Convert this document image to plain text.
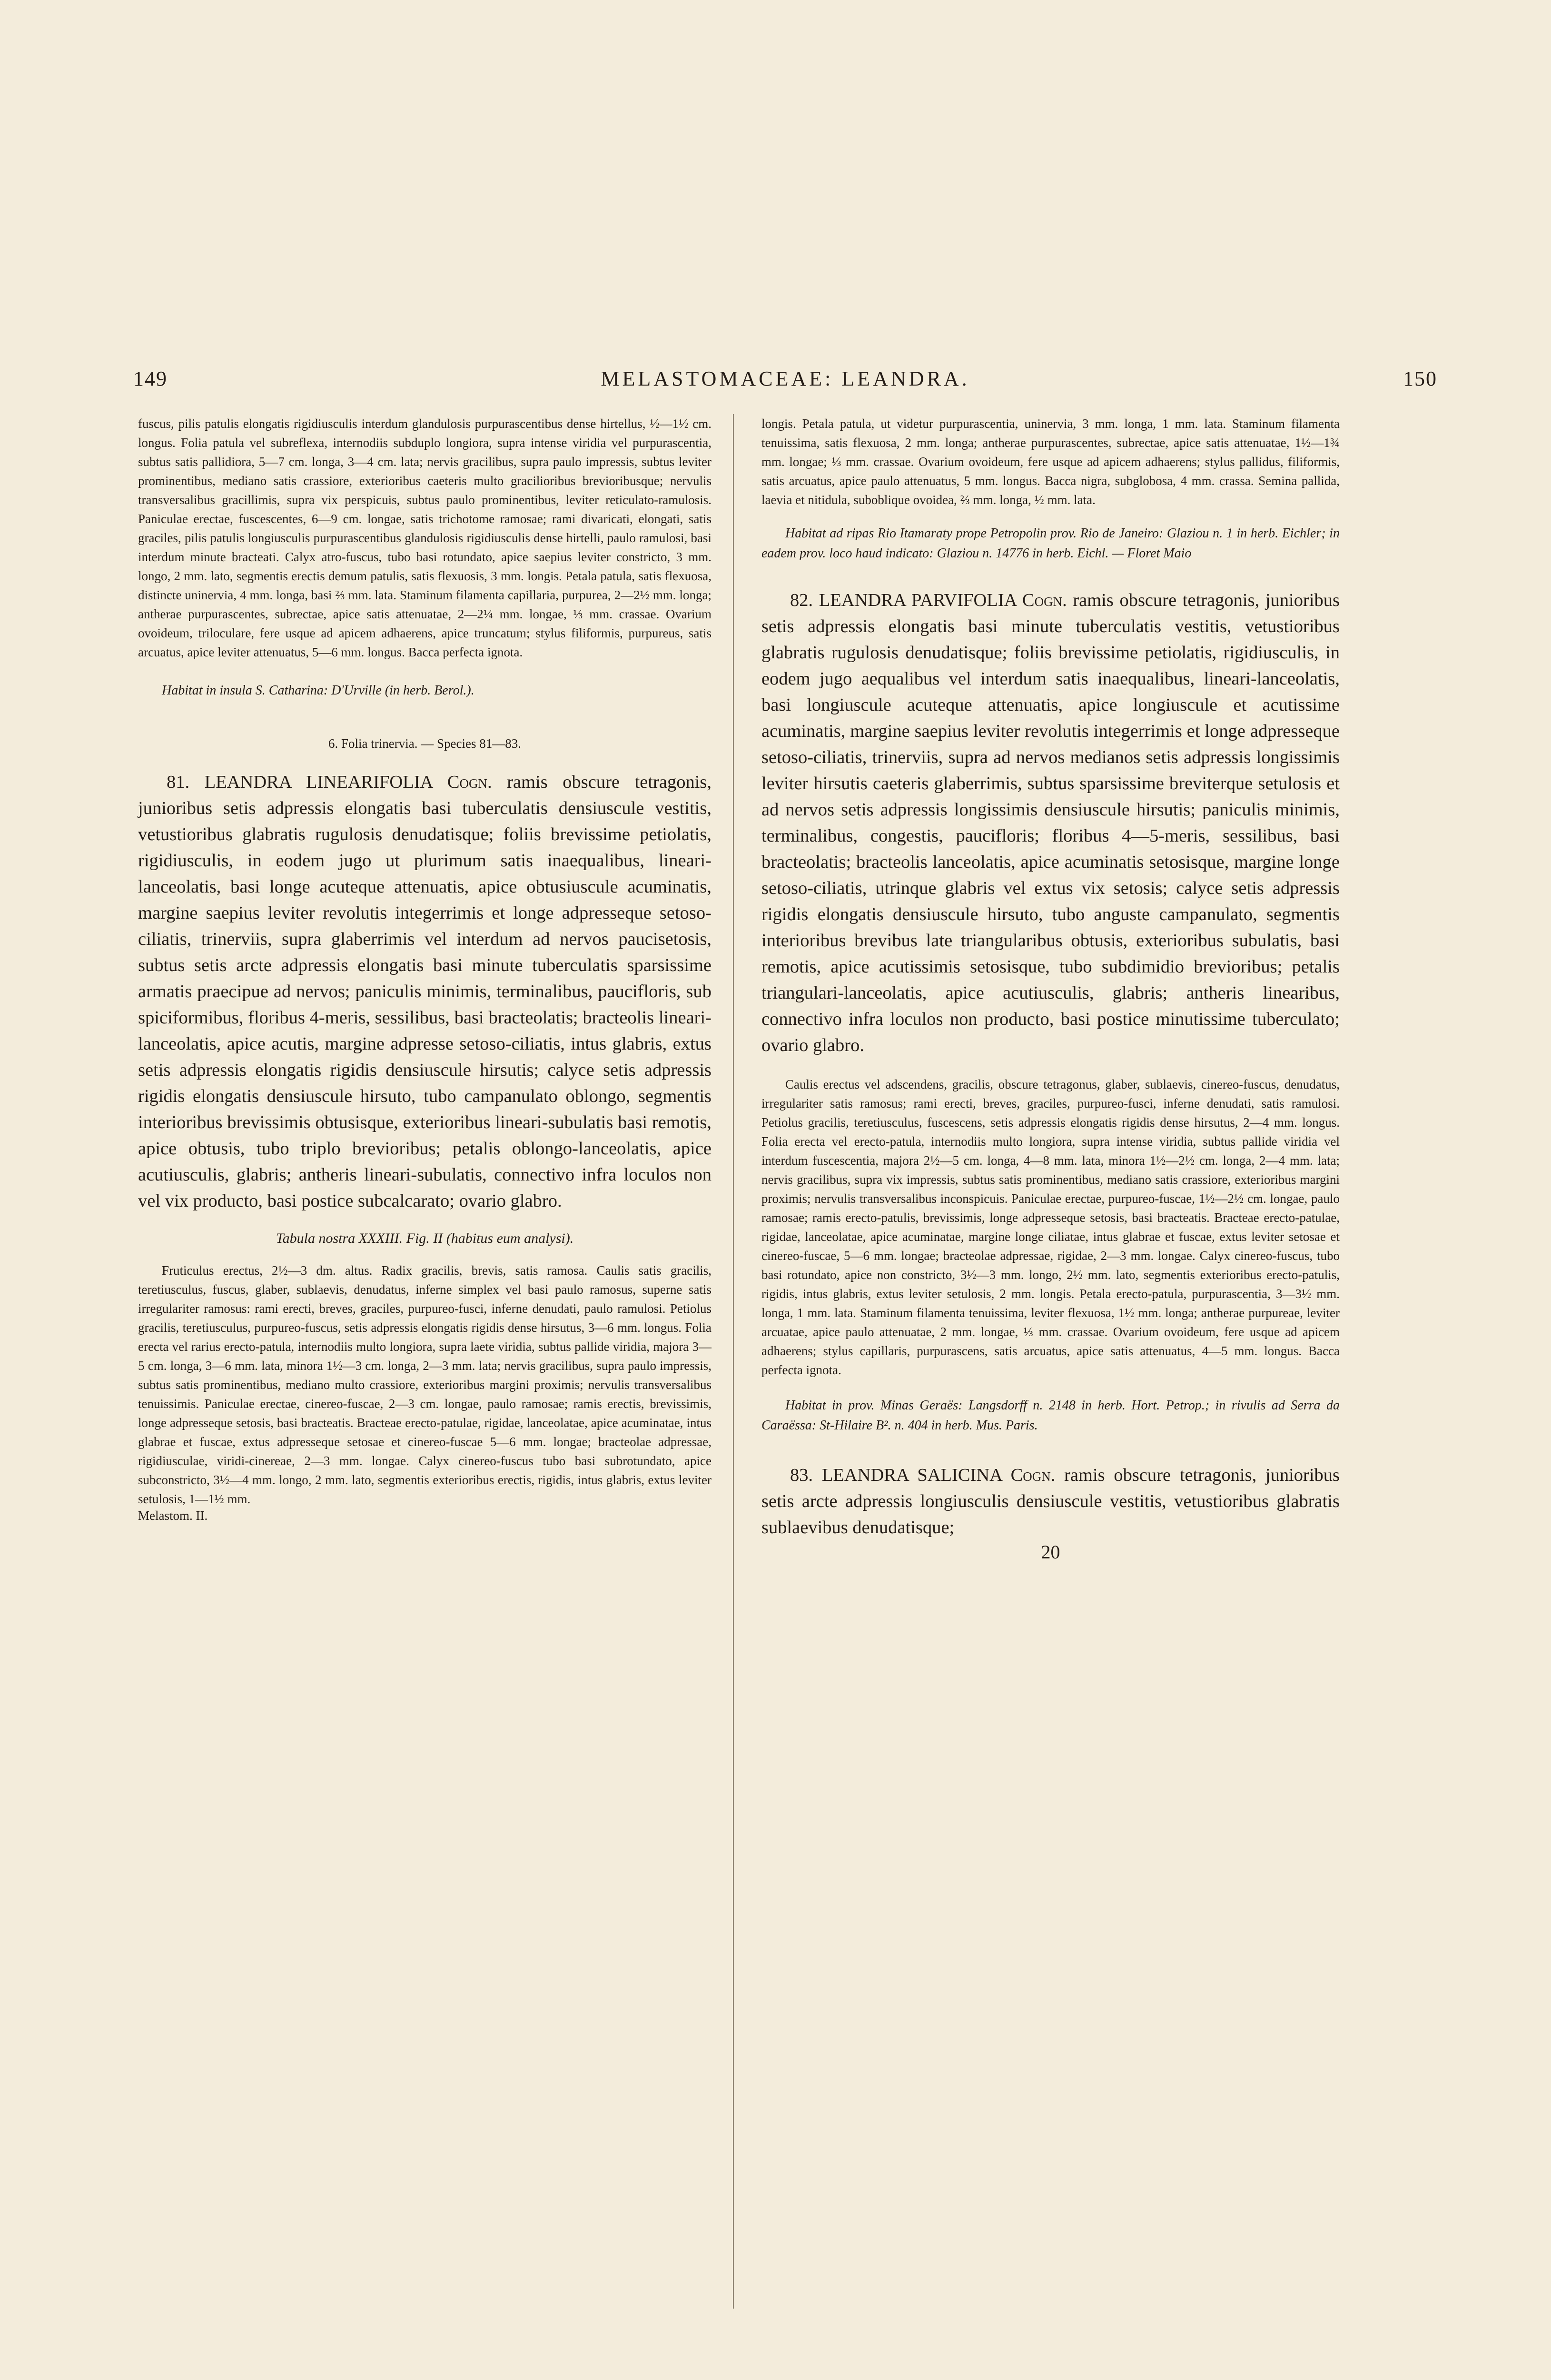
149	MELASTOMACEAE: LEANDRA.	150

fuscus, pilis patulis elongatis rigidiusculis interdum glandulosis purpurascentibus dense hirtellus, ½—1½ cm. longus. Folia patula vel subreflexa, internodiis subduplo longiora, supra intense viridia vel purpurascentia, subtus satis pallidiora, 5—7 cm. longa, 3—4 cm. lata; nervis gracilibus, supra paulo impressis, subtus leviter prominentibus, mediano satis crassiore, exterioribus caeteris multo gracilioribus brevioribusque; nervulis transversalibus gracillimis, supra vix perspicuis, subtus paulo prominentibus, leviter reticulato-ramulosis. Paniculae erectae, fuscescentes, 6—9 cm. longae, satis trichotome ramosae; rami divaricati, elongati, satis graciles, pilis patulis longiusculis purpurascentibus glandulosis rigidiusculis dense hirtelli, paulo ramulosi, basi interdum minute bracteati. Calyx atro-fuscus, tubo basi rotundato, apice saepius leviter constricto, 3 mm. longo, 2 mm. lato, segmentis erectis demum patulis, satis flexuosis, 3 mm. longis. Petala patula, satis flexuosa, distincte uninervia, 4 mm. longa, basi ⅔ mm. lata. Staminum filamenta capillaria, purpurea, 2—2½ mm. longa; antherae purpurascentes, subrectae, apice satis attenuatae, 2—2¼ mm. longae, ⅓ mm. crassae. Ovarium ovoideum, triloculare, fere usque ad apicem adhaerens, apice truncatum; stylus filiformis, purpureus, satis arcuatus, apice leviter attenuatus, 5—6 mm. longus. Bacca perfecta ignota.

Habitat in insula S. Catharina: D'Urville (in herb. Berol.).

6. Folia trinervia. — Species 81—83.

81. LEANDRA LINEARIFOLIA Cogn. ramis obscure tetragonis, junioribus setis adpressis elongatis basi tuberculatis densiuscule vestitis, vetustioribus glabratis rugulosis denudatisque; foliis brevissime petiolatis, rigidiusculis, in eodem jugo ut plurimum satis inaequalibus, lineari-lanceolatis, basi longe acuteque attenuatis, apice obtusiuscule acuminatis, margine saepius leviter revolutis integerrimis et longe adpresseque setoso-ciliatis, trinerviis, supra glaberrimis vel interdum ad nervos paucisetosis, subtus setis arcte adpressis elongatis basi minute tuberculatis sparsissime armatis praecipue ad nervos; paniculis minimis, terminalibus, paucifloris, sub spiciformibus, floribus 4-meris, sessilibus, basi bracteolatis; bracteolis lineari-lanceolatis, apice acutis, margine adpresse setoso-ciliatis, intus glabris, extus setis adpressis elongatis rigidis densiuscule hirsutis; calyce setis adpressis rigidis elongatis densiuscule hirsuto, tubo campanulato oblongo, segmentis interioribus brevissimis obtusisque, exterioribus lineari-subulatis basi remotis, apice obtusis, tubo triplo brevioribus; petalis oblongo-lanceolatis, apice acutiusculis, glabris; antheris lineari-subulatis, connectivo infra loculos non vel vix producto, basi postice subcalcarato; ovario glabro.

Tabula nostra XXXIII. Fig. II (habitus eum analysi).

Fruticulus erectus, 2½—3 dm. altus. Radix gracilis, brevis, satis ramosa. Caulis satis gracilis, teretiusculus, fuscus, glaber, sublaevis, denudatus, inferne simplex vel basi paulo ramosus, superne satis irregulariter ramosus: rami erecti, breves, graciles, purpureo-fusci, inferne denudati, paulo ramulosi. Petiolus gracilis, teretiusculus, purpureo-fuscus, setis adpressis elongatis rigidis dense hirsutus, 3—6 mm. longus. Folia erecta vel rarius erecto-patula, internodiis multo longiora, supra laete viridia, subtus pallide viridia, majora 3—5 cm. longa, 3—6 mm. lata, minora 1½—3 cm. longa, 2—3 mm. lata; nervis gracilibus, supra paulo impressis, subtus satis prominentibus, mediano multo crassiore, exterioribus margini proximis; nervulis transversalibus tenuissimis. Paniculae erectae, cinereo-fuscae, 2—3 cm. longae, paulo ramosae; ramis erectis, brevissimis, longe adpresseque setosis, basi bracteatis. Bracteae erecto-patulae, rigidae, lanceolatae, apice acuminatae, intus glabrae et fuscae, extus adpresseque setosae et cinereo-fuscae 5—6 mm. longae; bracteolae adpressae, rigidiusculae, viridi-cinereae, 2—3 mm. longae. Calyx cinereo-fuscus tubo basi subrotundato, apice subconstricto, 3½—4 mm. longo, 2 mm. lato, segmentis exterioribus erectis, rigidis, intus glabris, extus leviter setulosis, 1—1½ mm.

Melastom. II.

longis. Petala patula, ut videtur purpurascentia, uninervia, 3 mm. longa, 1 mm. lata. Staminum filamenta tenuissima, satis flexuosa, 2 mm. longa; antherae purpurascentes, subrectae, apice satis attenuatae, 1½—1¾ mm. longae; ⅓ mm. crassae. Ovarium ovoideum, fere usque ad apicem adhaerens; stylus pallidus, filiformis, satis arcuatus, apice paulo attenuatus, 5 mm. longus. Bacca nigra, subglobosa, 4 mm. crassa. Semina pallida, laevia et nitidula, subobliquе ovoidea, ⅔ mm. longa, ½ mm. lata.

Habitat ad ripas Rio Itamaraty prope Petropolin prov. Rio de Janeiro: Glaziou n. 1 in herb. Eichler; in eadem prov. loco haud indicato: Glaziou n. 14776 in herb. Eichl. — Floret Maio

82. LEANDRA PARVIFOLIA Cogn. ramis obscure tetragonis, junioribus setis adpressis elongatis basi minute tuberculatis vestitis, vetustioribus glabratis rugulosis denudatisque; foliis brevissime petiolatis, rigidiusculis, in eodem jugo aequalibus vel interdum satis inaequalibus, lineari-lanceolatis, basi longiuscule acuteque attenuatis, apice longiuscule et acutissime acuminatis, margine saepius leviter revolutis integerrimis et longe adpresseque setoso-ciliatis, trinerviis, supra ad nervos medianos setis adpressis longissimis leviter hirsutis caeteris glaberrimis, subtus sparsissime breviterque setulosis et ad nervos setis adpressis longissimis densiuscule hirsutis; paniculis minimis, terminalibus, congestis, paucifloris; floribus 4—5-meris, sessilibus, basi bracteolatis; bracteolis lanceolatis, apice acuminatis setosisque, margine longe setoso-ciliatis, utrinque glabris vel extus vix setosis; calyce setis adpressis rigidis elongatis densiuscule hirsuto, tubo anguste campanulato, segmentis interioribus brevibus late triangularibus obtusis, exterioribus subulatis, basi remotis, apice acutissimis setosisque, tubo subdimidio brevioribus; petalis triangulari-lanceolatis, apice acutiusculis, glabris; antheris linearibus, connectivo infra loculos non producto, basi postice minutissime tuberculato; ovario glabro.

Caulis erectus vel adscendens, gracilis, obscure tetragonus, glaber, sublaevis, cinereo-fuscus, denudatus, irregulariter satis ramosus; rami erecti, breves, graciles, purpureo-fusci, inferne denudati, satis ramulosi. Petiolus gracilis, teretiusculus, fuscescens, setis adpressis elongatis rigidis dense hirsutus, 2—4 mm. longus. Folia erecta vel erecto-patula, internodiis multo longiora, supra intense viridia, subtus pallide viridia vel interdum fuscescentia, majora 2½—5 cm. longa, 4—8 mm. lata, minora 1½—2½ cm. longa, 2—4 mm. lata; nervis gracilibus, supra vix impressis, subtus satis prominentibus, mediano satis crassiore, exterioribus margini proximis; nervulis transversalibus inconspicuis. Paniculae erectae, purpureo-fuscae, 1½—2½ cm. longae, paulo ramosae; ramis erecto-patulis, brevissimis, longe adpresseque setosis, basi bracteatis. Bracteae erecto-patulae, rigidae, lanceolatae, apice acuminatae, margine longe ciliatae, intus glabrae et fuscae, extus leviter setosae et cinereo-fuscae, 5—6 mm. longae; bracteolae adpressae, rigidae, 2—3 mm. longae. Calyx cinereo-fuscus, tubo basi rotundato, apice non constricto, 3½—3 mm. longo, 2½ mm. lato, segmentis exterioribus erecto-patulis, rigidis, intus glabris, extus leviter setulosis, 2 mm. longis. Petala erecto-patula, purpurascentia, 3—3½ mm. longa, 1 mm. lata. Staminum filamenta tenuissima, leviter flexuosa, 1½ mm. longa; antherae purpureae, leviter arcuatae, apice paulo attenuatae, 2 mm. longae, ⅓ mm. crassae. Ovarium ovoideum, fere usque ad apicem adhaerens; stylus capillaris, purpurascens, satis arcuatus, apice satis attenuatus, 4—5 mm. longus. Bacca perfecta ignota.

Habitat in prov. Minas Geraës: Langsdorff n. 2148 in herb. Hort. Petrop.; in rivulis ad Serra da Caraëssa: St-Hilaire B². n. 404 in herb. Mus. Paris.

83. LEANDRA SALICINA Cogn. ramis obscure tetragonis, junioribus setis arcte adpressis longiusculis densiuscule vestitis, vetustioribus glabratis sublaevibus denudatisque;

20
